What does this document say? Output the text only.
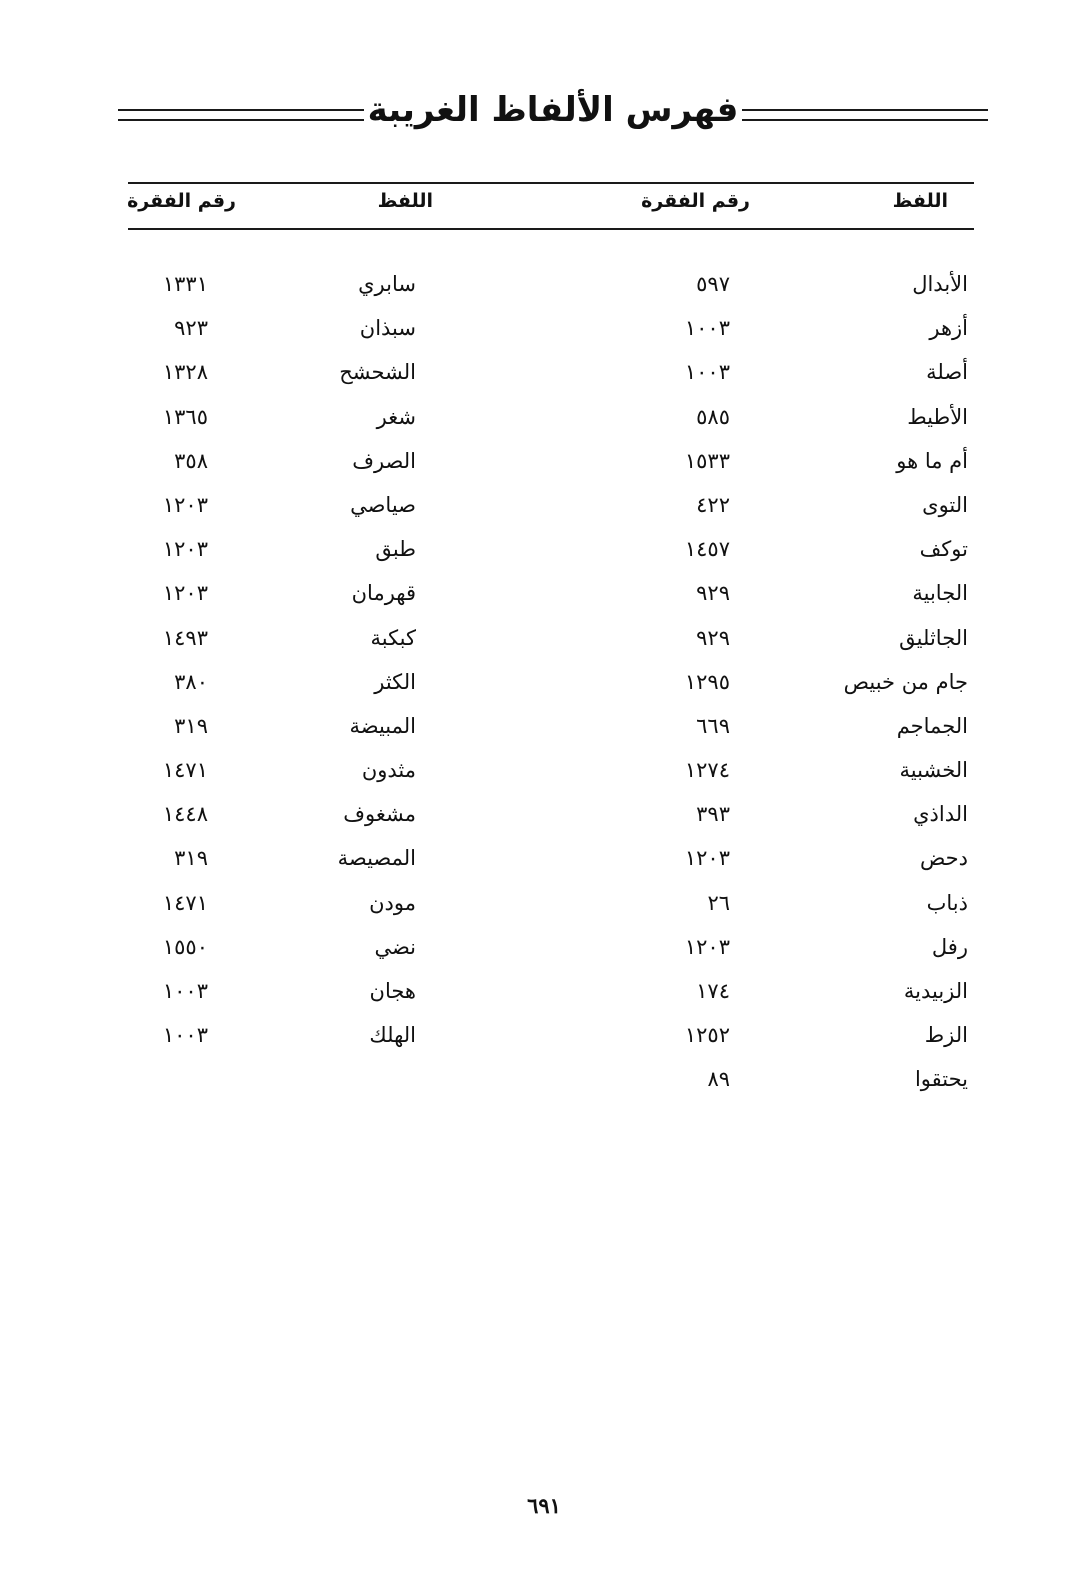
فهرس الألفاظ الغريبة
اللفظ
رقم الفقرة
اللفظ
رقم الفقرة
الأبدال
٥٩٧
سابري
١٣٣١
أزهر
١٠٠٣
سبذان
٩٢٣
أصلة
١٠٠٣
الشحشح
١٣٢٨
الأطيط
٥٨٥
شغر
١٣٦٥
أم ما هو
١٥٣٣
الصرف
٣٥٨
التوى
٤٢٢
صياصي
١٢٠٣
توكف
١٤٥٧
طبق
١٢٠٣
الجابية
٩٢٩
قهرمان
١٢٠٣
الجاثليق
٩٢٩
كبكبة
١٤٩٣
جام من خبيص
١٢٩٥
الكثر
٣٨٠
الجماجم
٦٦٩
المبيضة
٣١٩
الخشبية
١٢٧٤
مثدون
١٤٧١
الداذي
٣٩٣
مشغوف
١٤٤٨
دحض
١٢٠٣
المصيصة
٣١٩
ذباب
٢٦
مودن
١٤٧١
رفل
١٢٠٣
نضي
١٥٥٠
الزبيدية
١٧٤
هجان
١٠٠٣
الزط
١٢٥٢
الهلك
١٠٠٣
يحتقوا
٨٩
٦٩١
